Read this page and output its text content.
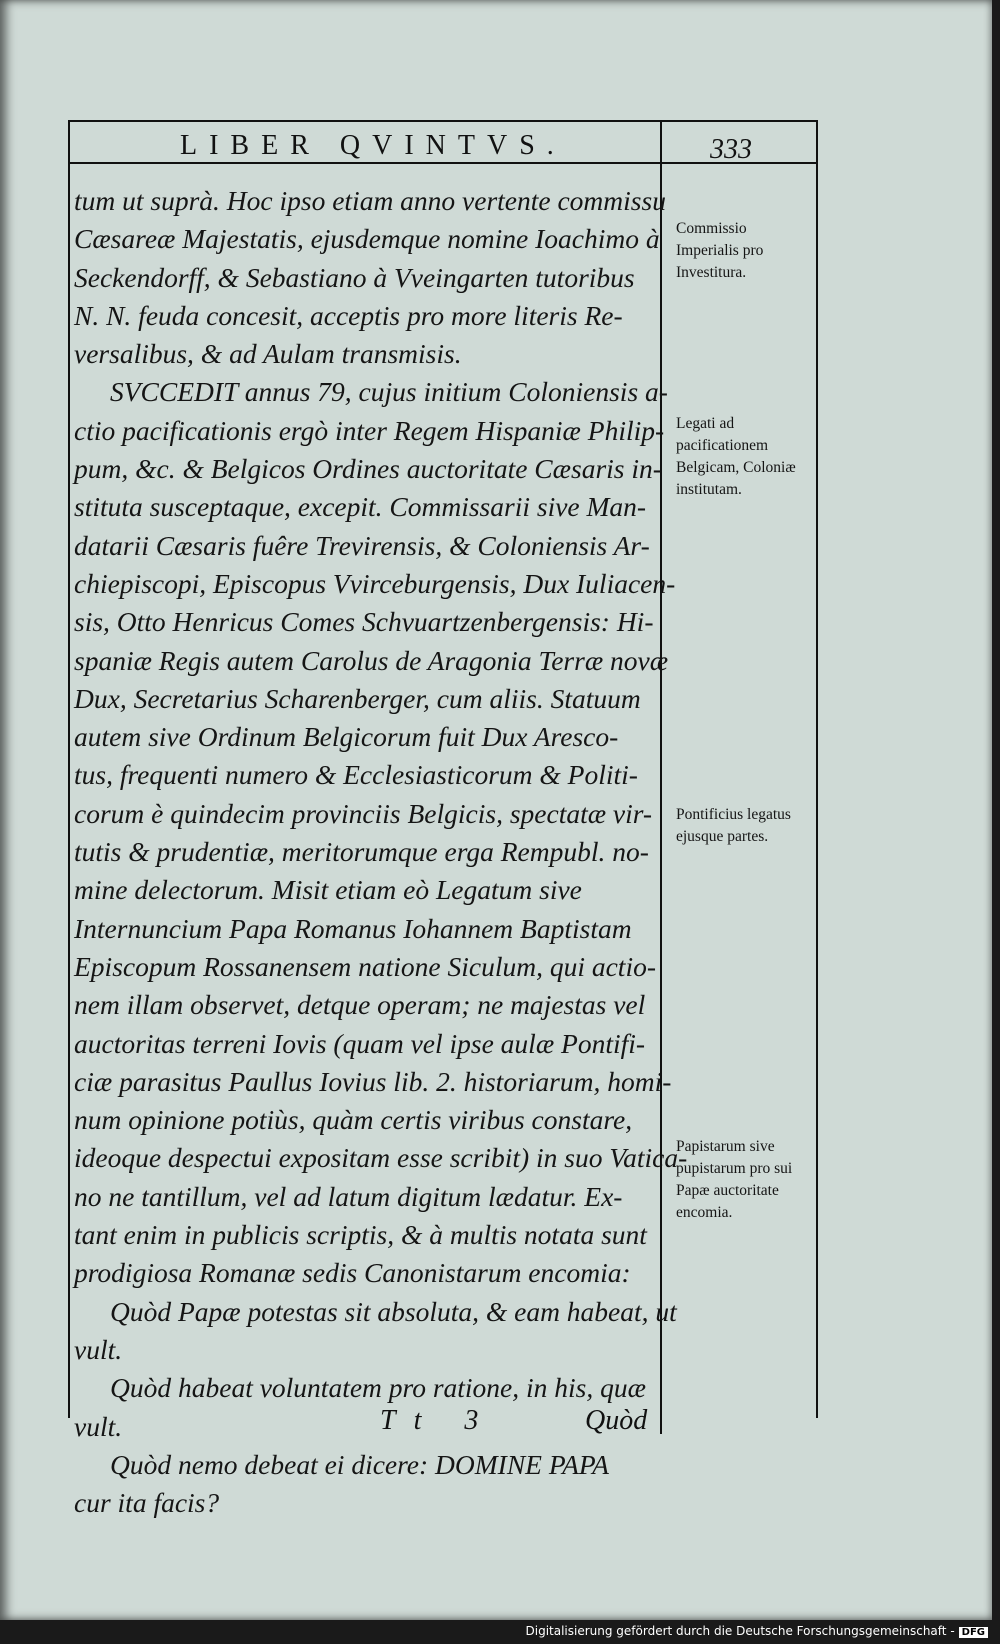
LIBER QVINTVS.	333
tum ut suprà. Hoc ipso etiam anno vertente commissu
Cæsareæ Majestatis, ejusdemque nomine Ioachimo à
Seckendorff, & Sebastiano à Vveingarten tutoribus
N. N. feuda concesit, acceptis pro more literis Re-
versalibus, & ad Aulam transmisis.
SVCCEDIT annus 79, cujus initium Coloniensis a-
ctio pacificationis ergò inter Regem Hispaniæ Philip-
pum, &c. & Belgicos Ordines auctoritate Cæsaris in-
stituta susceptaque, excepit. Commissarii sive Man-
datarii Cæsaris fuêre Trevirensis, & Coloniensis Ar-
chiepiscopi, Episcopus Vvirceburgensis, Dux Iuliacen-
sis, Otto Henricus Comes Schvuartzenbergensis: Hi-
spaniæ Regis autem Carolus de Aragonia Terræ novæ
Dux, Secretarius Scharenberger, cum aliis. Statuum
autem sive Ordinum Belgicorum fuit Dux Arescо-
tus, frequenti numero & Ecclesiasticorum & Politi-
corum è quindecim provinciis Belgicis, spectatæ vir-
tutis & prudentiæ, meritorumque erga Rempubl. no-
mine delectorum. Misit etiam eò Legatum sive
Internuncium Papa Romanus Iohannem Baptistam
Episcopum Rossanensem natione Siculum, qui actio-
nem illam observet, detque operam; ne majestas vel
auctoritas terreni Iovis (quam vel ipse aulæ Pontifi-
ciæ parasitus Paullus Iovius lib. 2. historiarum, homi-
num opinione potiùs, quàm certis viribus constare,
ideoque despectui expositam esse scribit) in suo Vatica-
no ne tantillum, vel ad latum digitum lædatur. Ex-
tant enim in publicis scriptis, & à multis notata sunt
prodigiosa Romanæ sedis Canonistarum encomia:
Quòd Papæ potestas sit absoluta, & eam habeat, ut
vult.
Quòd habeat voluntatem pro ratione, in his, quæ
vult.
Quòd nemo debeat ei dicere: DOMINE PAPA
cur ita facis?
Commissio Imperialis pro Investitura.
Legati ad pacificationem Belgicam, Coloniæ institutam.
Pontificius legatus ejusque partes.
Papistarum sive pupistarum pro sui Papæ auctoritate encomia.
Tt 3	Quòd
Digitalisierung gefördert durch die Deutsche Forschungsgemeinschaft - DFG
